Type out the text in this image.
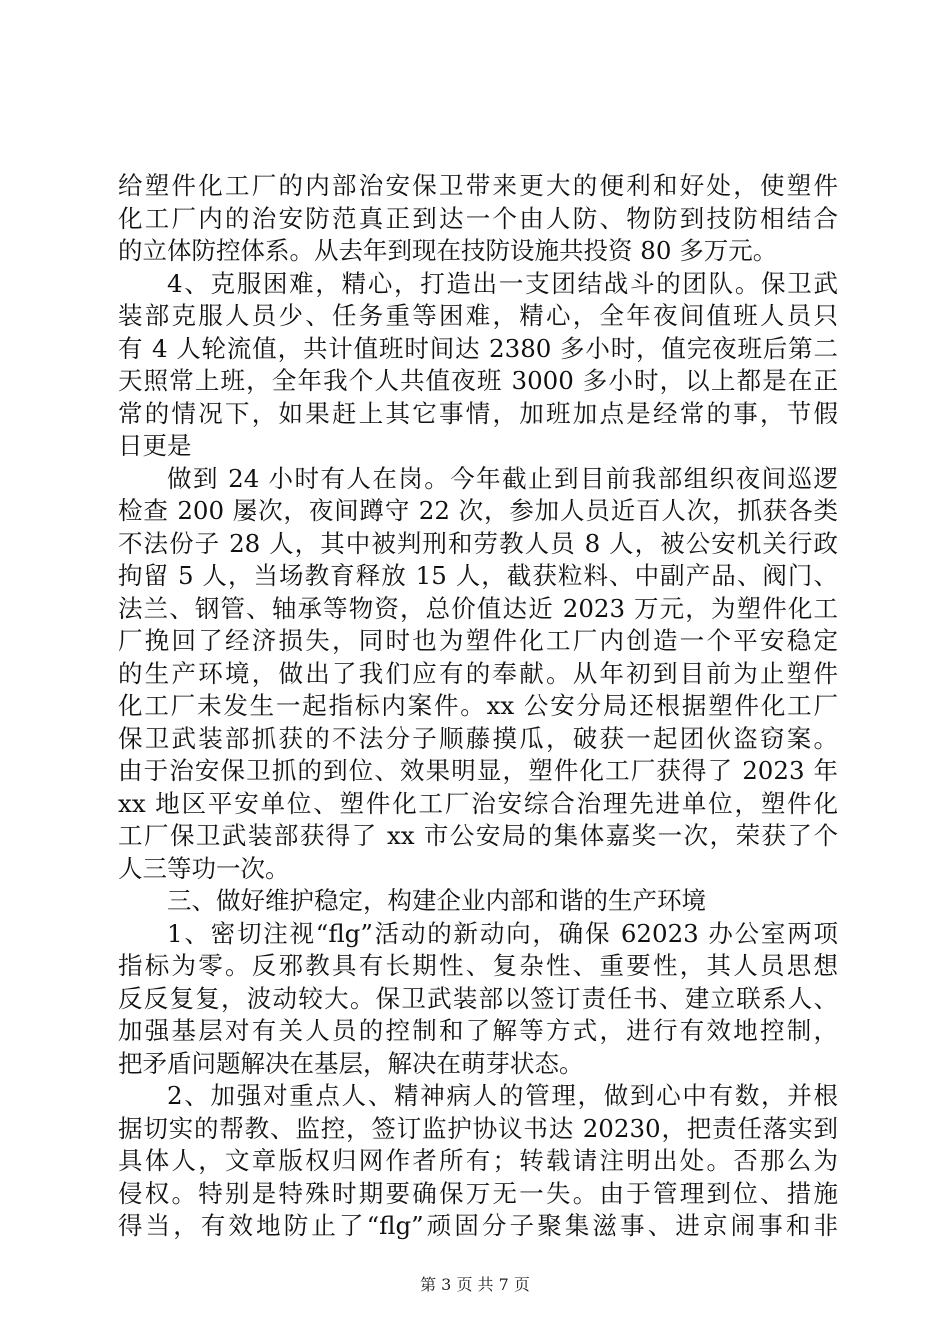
给塑件化工厂的内部治安保卫带来更大的便利和好处，使塑件
化工厂内的治安防范真正到达一个由人防、物防到技防相结合
的立体防控体系。从去年到现在技防设施共投资 80 多万元。
4、克服困难，精心，打造出一支团结战斗的团队。保卫武
装部克服人员少、任务重等困难，精心，全年夜间值班人员只
有 4 人轮流值，共计值班时间达 2380 多小时，值完夜班后第二
天照常上班，全年我个人共值夜班 3000 多小时，以上都是在正
常的情况下，如果赶上其它事情，加班加点是经常的事，节假
日更是
做到 24 小时有人在岗。今年截止到目前我部组织夜间巡逻
检查 200 屡次，夜间蹲守 22 次，参加人员近百人次，抓获各类
不法份子 28 人，其中被判刑和劳教人员 8 人，被公安机关行政
拘留 5 人，当场教育释放 15 人，截获粒料、中副产品、阀门、
法兰、钢管、轴承等物资，总价值达近 2023 万元，为塑件化工
厂挽回了经济损失，同时也为塑件化工厂内创造一个平安稳定
的生产环境，做出了我们应有的奉献。从年初到目前为止塑件
化工厂未发生一起指标内案件。xx 公安分局还根据塑件化工厂
保卫武装部抓获的不法分子顺藤摸瓜，破获一起团伙盗窃案。
由于治安保卫抓的到位、效果明显，塑件化工厂获得了 2023 年
xx 地区平安单位、塑件化工厂治安综合治理先进单位，塑件化
工厂保卫武装部获得了 xx 市公安局的集体嘉奖一次，荣获了个
人三等功一次。
三、做好维护稳定，构建企业内部和谐的生产环境
1、密切注视“flg”活动的新动向，确保 62023 办公室两项
指标为零。反邪教具有长期性、复杂性、重要性，其人员思想
反反复复，波动较大。保卫武装部以签订责任书、建立联系人、
加强基层对有关人员的控制和了解等方式，进行有效地控制，
把矛盾问题解决在基层，解决在萌芽状态。
2、加强对重点人、精神病人的管理，做到心中有数，并根
据切实的帮教、监控，签订监护协议书达 20230，把责任落实到
具体人，文章版权归网作者所有；转载请注明出处。否那么为
侵权。特别是特殊时期要确保万无一失。由于管理到位、措施
得当，有效地防止了“flg”顽固分子聚集滋事、进京闹事和非
第 3 页 共 7 页
